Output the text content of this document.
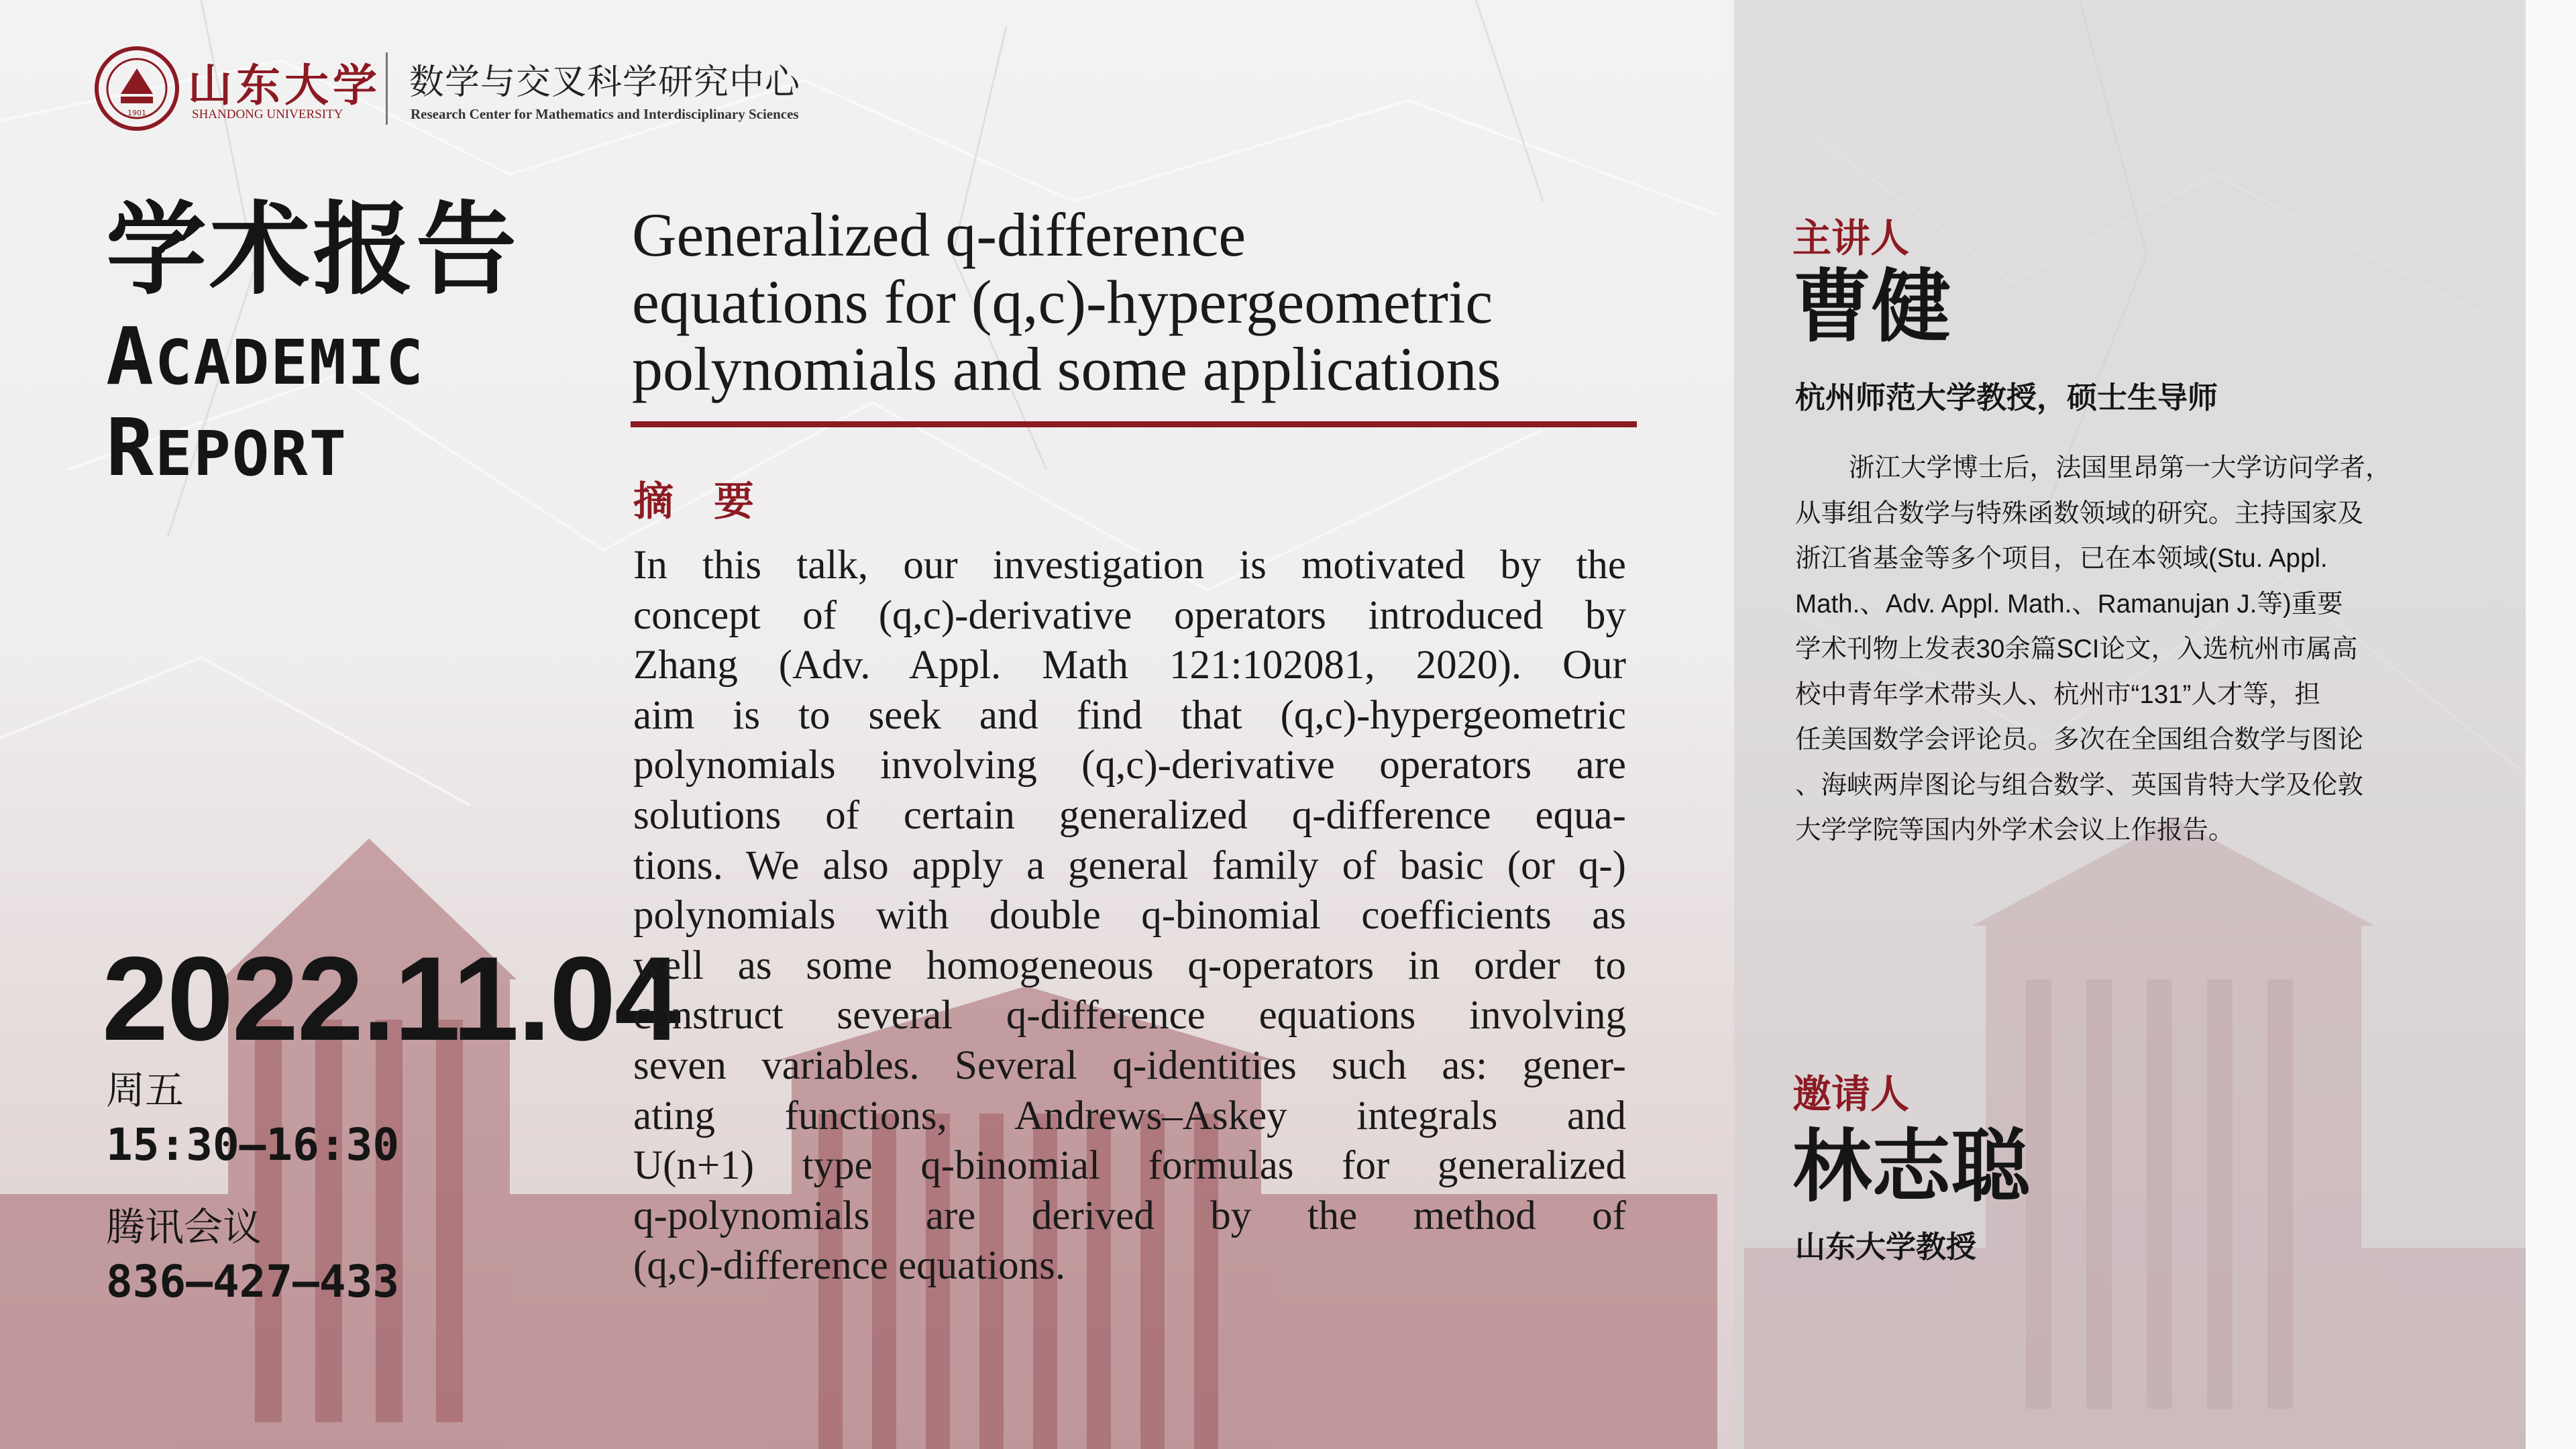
1901
山东大学
SHANDONG UNIVERSITY
数学与交叉科学研究中心
Research Center for Mathematics and Interdisciplinary Sciences
学术报告
ACADEMIC
REPORT
2022.11.04
周五
15:30–16:30
腾讯会议
836–427–433
Generalized q-difference
equations for (q,c)-hypergeometric
polynomials and some applications
摘要
In this talk, our investigation is motivated by the
concept of (q,c)-derivative operators introduced by
Zhang (Adv. Appl. Math 121:102081, 2020). Our
aim is to seek and find that (q,c)-hypergeometric
polynomials involving (q,c)-derivative operators are
solutions of certain generalized q-difference equa-
tions. We also apply a general family of basic (or q-)
polynomials with double q-binomial coefficients as
well as some homogeneous q-operators in order to
construct several q-difference equations involving
seven variables. Several q-identities such as: gener-
ating functions, Andrews–Askey integrals and
U(n+1) type q-binomial formulas for generalized
q-polynomials are derived by the method of
(q,c)-difference equations.
主讲人
曹健
杭州师范大学教授，硕士生导师
浙江大学博士后，法国里昂第一大学访问学者，
从事组合数学与特殊函数领域的研究。主持国家及
浙江省基金等多个项目，已在本领域(Stu. Appl.
Math.、Adv. Appl. Math.、Ramanujan J.等)重要
学术刊物上发表30余篇SCI论文，入选杭州市属高
校中青年学术带头人、杭州市“131”人才等，担
任美国数学会评论员。多次在全国组合数学与图论
、海峡两岸图论与组合数学、英国肯特大学及伦敦
大学学院等国内外学术会议上作报告。
邀请人
林志聪
山东大学教授
